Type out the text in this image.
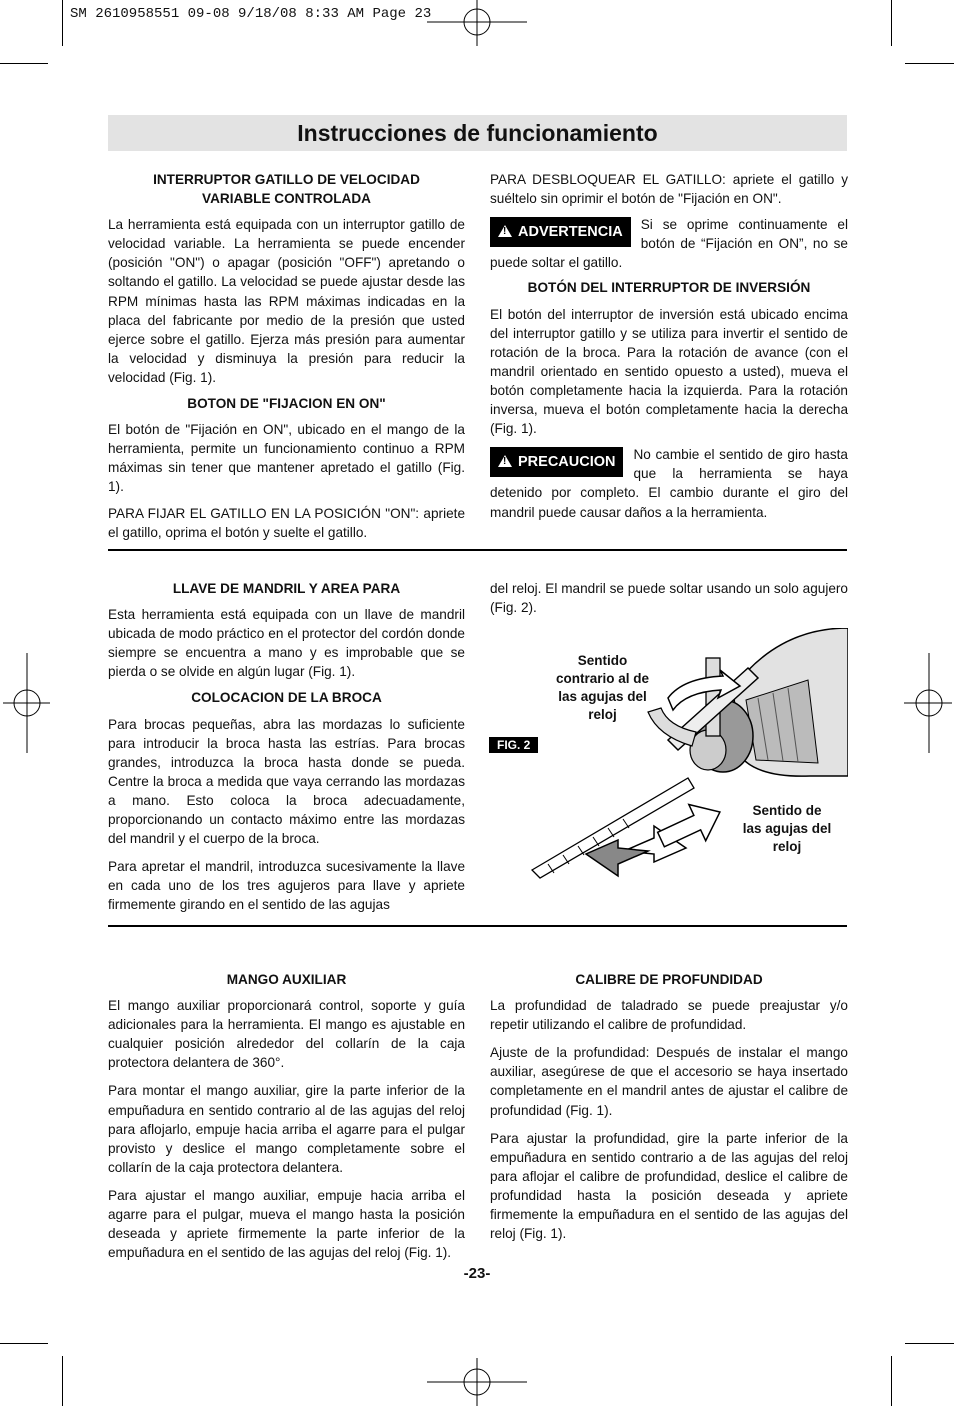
SM 2610958551 09-08 9/18/08 8:33 AM Page 23
Instrucciones de funcionamiento

INTERRUPTOR GATILLO DE VELOCIDAD VARIABLE CONTROLADA

La herramienta está equipada con un interruptor gatillo de velocidad variable. La herramienta se puede encender (posición "ON") o apagar (posición "OFF") apretando o soltando el gatillo. La velocidad se puede ajustar desde las RPM mínimas hasta las RPM máximas indicadas en la placa del fabricante por medio de la presión que usted ejerce sobre el gatillo. Ejerza más presión para aumentar la velocidad y disminuya la presión para reducir la velocidad (Fig. 1).

BOTON DE "FIJACION EN ON"

El botón de "Fijación en ON", ubicado en el mango de la herramienta, permite un funcionamiento continuo a RPM máximas sin tener que mantener apretado el gatillo (Fig. 1).

PARA FIJAR EL GATILLO EN LA POSICIÓN "ON": apriete el gatillo, oprima el botón y suelte el gatillo.

PARA DESBLOQUEAR EL GATILLO: apriete el gatillo y suéltelo sin oprimir el botón de "Fijación en ON".

!ADVERTENCIA	Si se oprime continuamente el botón de “Fijación en ON”, no se puede soltar el gatillo.

BOTÓN DEL INTERRUPTOR DE INVERSIÓN

El botón del interruptor de inversión está ubicado encima del interruptor gatillo y se utiliza para invertir el sentido de rotación de la broca. Para la rotación de avance (con el mandril orientado en sentido opuesto a usted), mueva el botón completamente hacia la izquierda. Para la rotación inversa, mueva el botón completamente hacia la derecha (Fig. 1).

!PRECAUCION	No cambie el sentido de giro hasta que la herramienta se haya detenido por completo. El cambio durante el giro del mandril puede causar daños a la herramienta.

LLAVE DE MANDRIL Y AREA PARA

Esta herramienta está equipada con un llave de mandril ubicada de modo práctico en el protector del cordón donde siempre se encuentra a mano y es improbable que se pierda o se olvide en algún lugar (Fig. 1).

COLOCACION DE LA BROCA

Para brocas pequeñas, abra las mordazas lo suficiente para introducir la broca hasta las estrías. Para brocas grandes, introduzca la broca hasta donde se pueda. Centre la broca a medida que vaya cerrando las mordazas a mano. Esto coloca la broca adecuadamente, proporcionando un contacto máximo entre las mordazas del mandril y el cuerpo de la broca.

Para apretar el mandril, introduzca sucesivamente la llave en cada uno de los tres agujeros para llave y apriete firmemente girando en el sentido de las agujas

del reloj. El mandril se puede soltar usando un solo agujero (Fig. 2).

Sentido contrario al de las agujas del reloj
Sentido de las agujas del reloj
FIG. 2

MANGO AUXILIAR

El mango auxiliar proporcionará control, soporte y guía adicionales para la herramienta. El mango es ajustable en cualquier posición alrededor del collarín de la caja protectora delantera de 360°.

Para montar el mango auxiliar, gire la parte inferior de la empuñadura en sentido contrario al de las agujas del reloj para aflojarlo, empuje hacia arriba el agarre para el pulgar provisto y deslice el mango completamente sobre el collarín de la caja protectora delantera.

Para ajustar el mango auxiliar, empuje hacia arriba el agarre para el pulgar, mueva el mango hasta la posición deseada y apriete firmemente la parte inferior de la empuñadura en el sentido de las agujas del reloj (Fig. 1).

CALIBRE DE PROFUNDIDAD

La profundidad de taladrado se puede preajustar y/o repetir utilizando el calibre de profundidad.

Ajuste de la profundidad: Después de instalar el mango auxiliar, asegúrese de que el accesorio se haya insertado completamente en el mandril antes de ajustar el calibre de profundidad (Fig. 1).

Para ajustar la profundidad, gire la parte inferior de la empuñadura en sentido contrario a de las agujas del reloj para aflojar el calibre de profundidad, deslice el calibre de profundidad hasta la posición deseada y apriete firmemente la empuñadura en el sentido de las agujas del reloj (Fig. 1).

-23-
